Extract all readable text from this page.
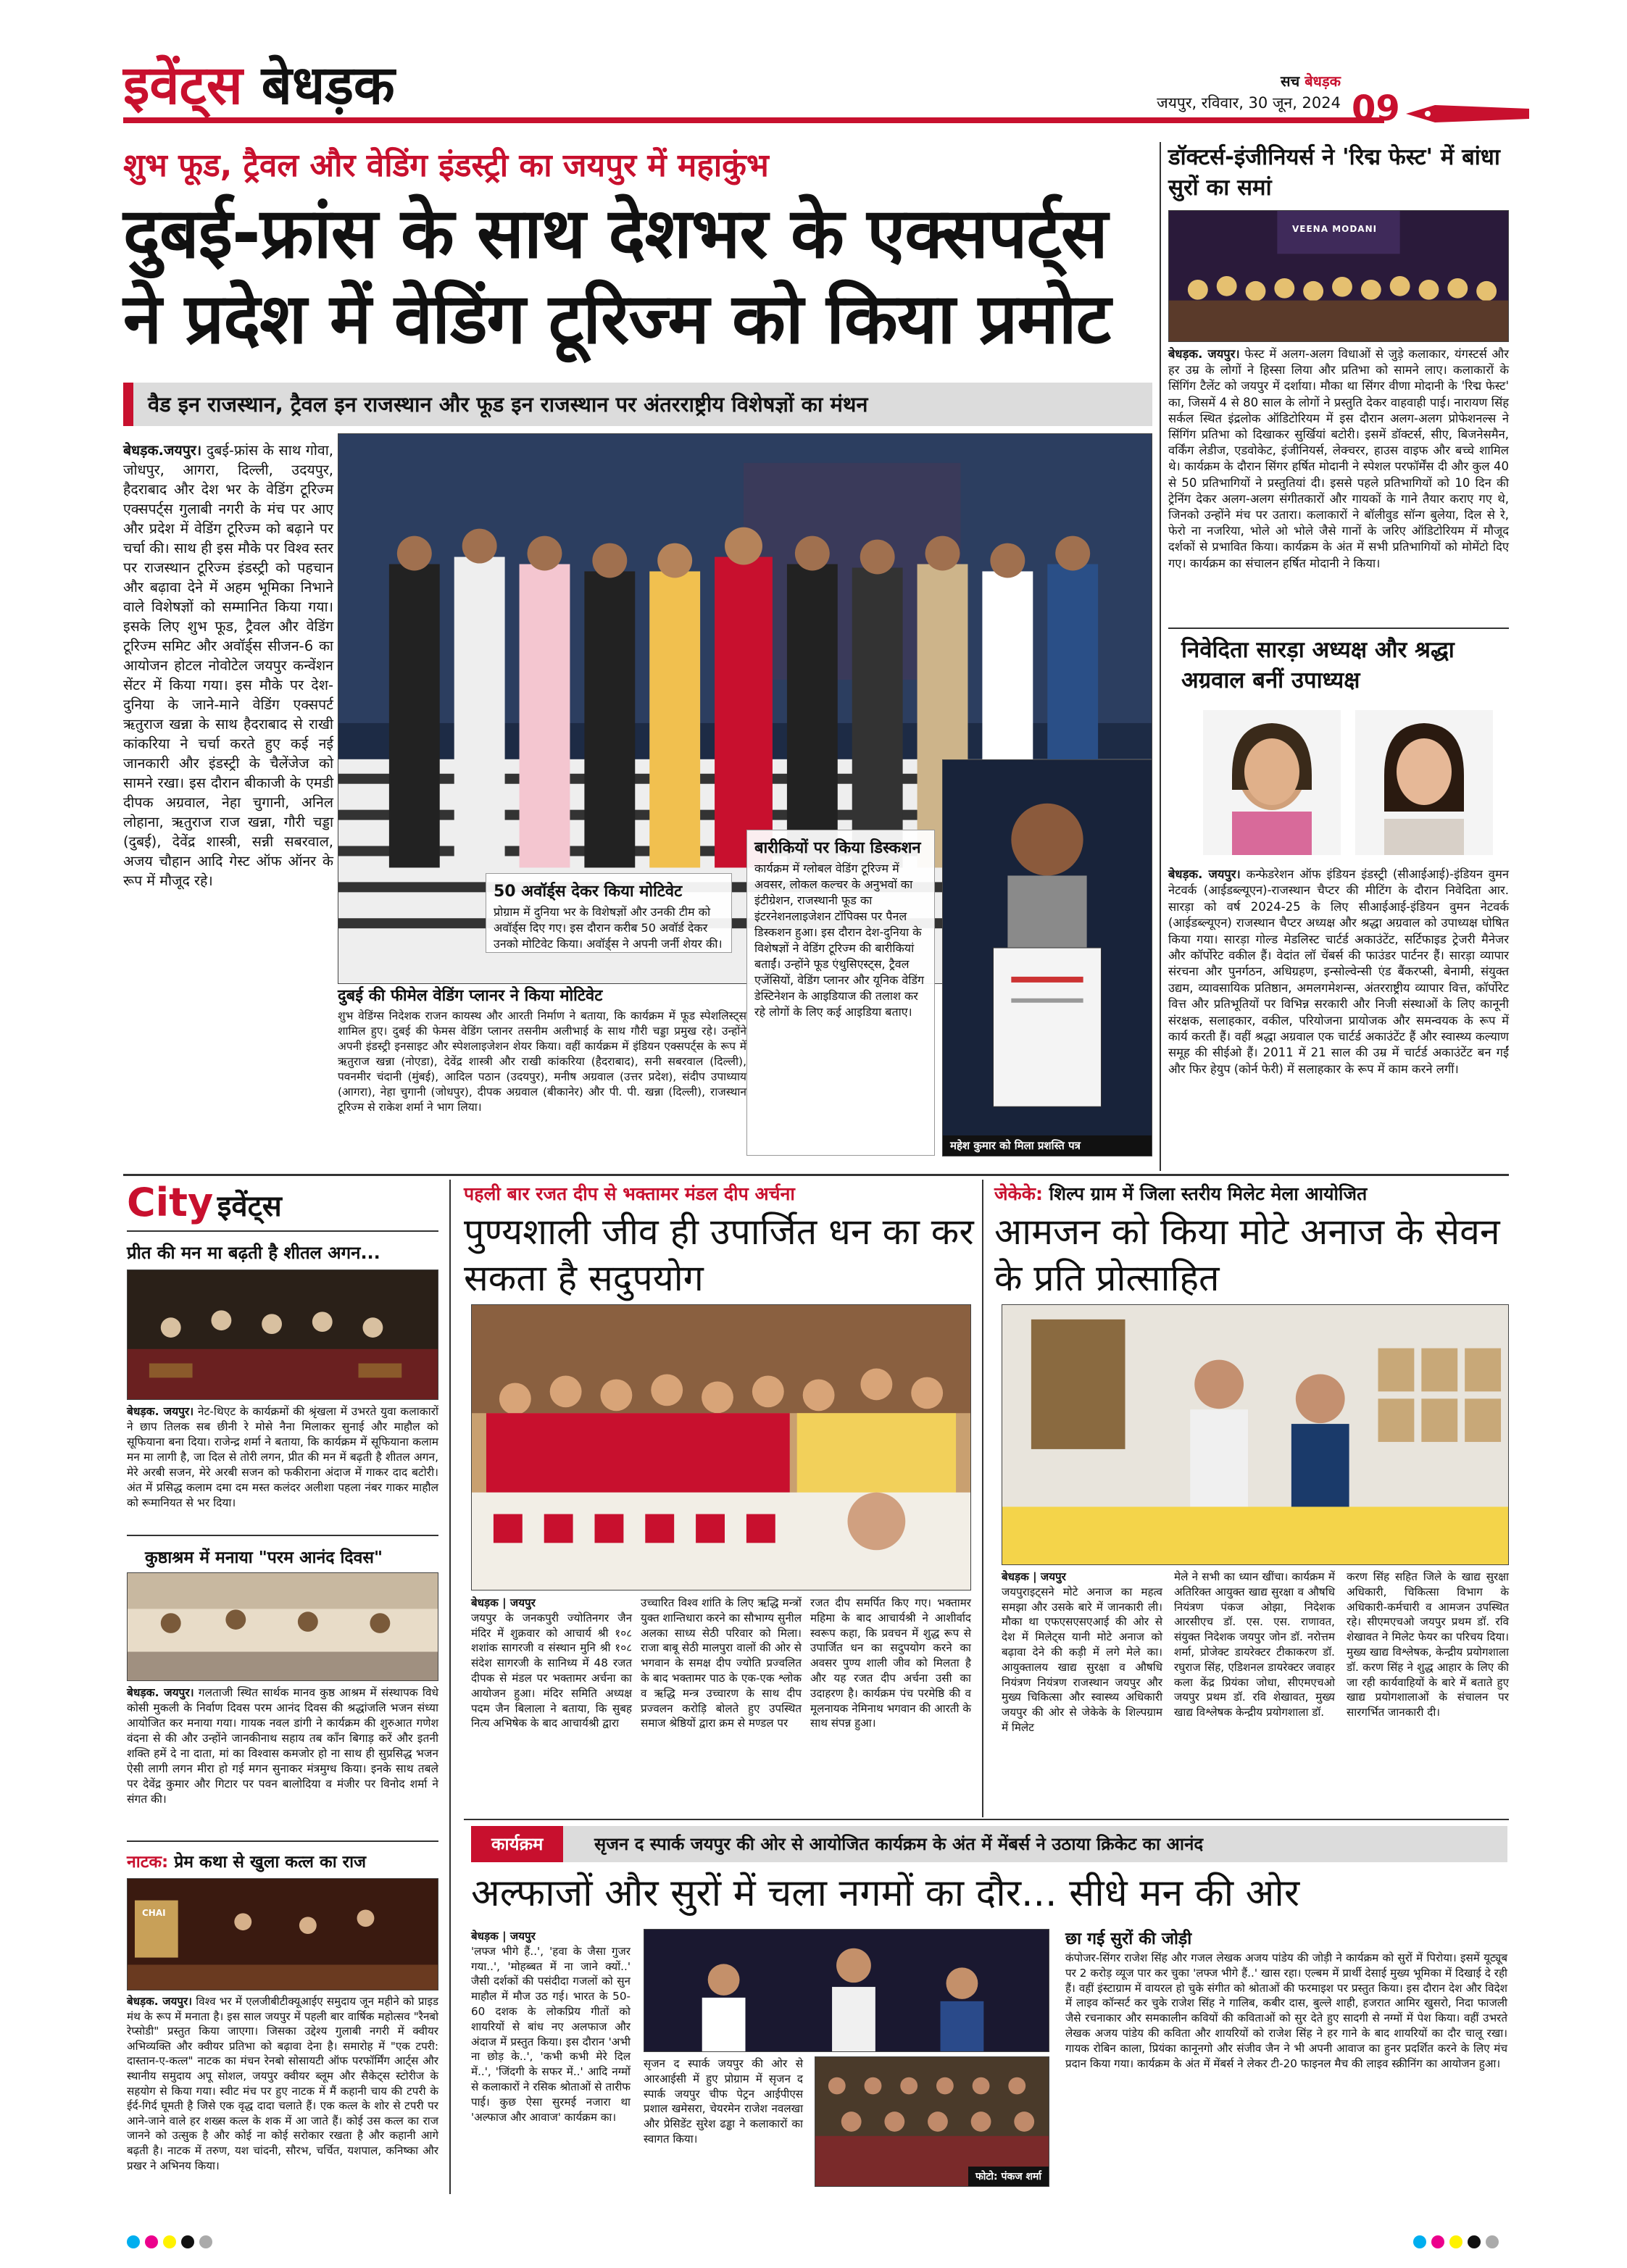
इवेंट्स बेधड़क	सच बेधड़क
जयपुर, रविवार, 30 जून, 2024 09
शुभ फूड, ट्रैवल और वेडिंग इंडस्ट्री का जयपुर में महाकुंभ
दुबई-फ्रांस के साथ देशभर के एक्सपर्ट्स
ने प्रदेश में वेडिंग टूरिज्म को किया प्रमोट
वैड इन राजस्थान, ट्रैवल इन राजस्थान और फूड इन राजस्थान पर अंतरराष्ट्रीय विशेषज्ञों का मंथन
बेधड़क.जयपुर। दुबई-फ्रांस के साथ गोवा, जोधपुर, आगरा, दिल्ली, उदयपुर, हैदराबाद और देश भर के वेडिंग टूरिज्म एक्सपर्ट्स गुलाबी नगरी के मंच पर आए और प्रदेश में वेडिंग टूरिज्म को बढ़ाने पर चर्चा की। साथ ही इस मौके पर विश्व स्तर पर राजस्थान टूरिज्म इंडस्ट्री को पहचान और बढ़ावा देने में अहम भूमिका निभाने वाले विशेषज्ञों को सम्मानित किया गया। इसके लिए शुभ फूड, ट्रैवल और वेडिंग टूरिज्म समिट और अवॉर्ड्स सीजन-6 का आयोजन होटल नोवोटेल जयपुर कन्वेंशन सेंटर में किया गया। इस मौके पर देश-दुनिया के जाने-माने वेडिंग एक्सपर्ट ऋतुराज खन्ना के साथ हैदराबाद से राखी कांकरिया ने चर्चा करते हुए कई नई जानकारी और इंडस्ट्री के चैलेंजेज को सामने रखा। इस दौरान बीकाजी के एमडी दीपक अग्रवाल, नेहा चुगानी, अनिल लोहाना, ऋतुराज राज खन्ना, गौरी चड्डा (दुबई), देवेंद्र शास्त्री, सन्नी सबरवाल, अजय चौहान आदि गेस्ट ऑफ ऑनर के रूप में मौजूद रहे।
50 अवॉर्ड्स देकर किया मोटिवेट
प्रोग्राम में दुनिया भर के विशेषज्ञों और उनकी टीम को अवॉर्ड्स दिए गए। इस दौरान करीब 50 अवॉर्ड देकर उनको मोटिवेट किया। अवॉर्ड्स ने अपनी जर्नी शेयर की।
बारीकियों पर किया डिस्कशन
कार्यक्रम में ग्लोबल वेडिंग टूरिज्म में अवसर, लोकल कल्चर के अनुभवों का इंटीग्रेशन, राजस्थानी फूड का इंटरनेशनलाइजेशन टॉपिक्स पर पैनल डिस्कशन हुआ। इस दौरान देश-दुनिया के विशेषज्ञों ने वेडिंग टूरिज्म की बारीकियां बताईं। उन्होंने फूड एंथुसिएस्ट्स, ट्रैवल एजेंसियों, वेडिंग प्लानर और यूनिक वेडिंग डेस्टिनेशन के आइडियाज की तलाश कर रहे लोगों के लिए कई आइडिया बताए।
महेश कुमार को मिला प्रशस्ति पत्र
दुबई की फीमेल वेडिंग प्लानर ने किया मोटिवेट
शुभ वेडिंग्स निदेशक राजन कायस्थ और आरती निर्माण ने बताया, कि कार्यक्रम में फूड स्पेशलिस्ट्स शामिल हुए। दुबई की फेमस वेडिंग प्लानर तसनीम अलीभाई के साथ गौरी चड्डा प्रमुख रहे। उन्होंने अपनी इंडस्ट्री इनसाइट और स्पेशलाइजेशन शेयर किया। वहीं कार्यक्रम में इंडियन एक्सपर्ट्स के रूप में ऋतुराज खन्ना (नोएडा), देवेंद्र शास्त्री और राखी कांकरिया (हैदराबाद), सनी सबरवाल (दिल्ली), पवनमीर चंदानी (मुंबई), आदिल पठान (उदयपुर), मनीष अग्रवाल (उत्तर प्रदेश), संदीप उपाध्याय (आगरा), नेहा चुगानी (जोधपुर), दीपक अग्रवाल (बीकानेर) और पी. पी. खन्ना (दिल्ली), राजस्थान टूरिज्म से राकेश शर्मा ने भाग लिया।
डॉक्टर्स-इंजीनियर्स ने 'रिद्म फेस्ट' में बांधा सुरों का समां
VEENA MODANI
बेधड़क. जयपुर। फेस्ट में अलग-अलग विधाओं से जुड़े कलाकार, यंगस्टर्स और हर उम्र के लोगों ने हिस्सा लिया और प्रतिभा को सामने लाए। कलाकारों के सिंगिंग टैलेंट को जयपुर में दर्शाया। मौका था सिंगर वीणा मोदानी के 'रिद्म फेस्ट' का, जिसमें 4 से 80 साल के लोगों ने प्रस्तुति देकर वाहवाही पाई। नारायण सिंह सर्कल स्थित इंद्रलोक ऑडिटोरियम में इस दौरान अलग-अलग प्रोफेशनल्स ने सिंगिंग प्रतिभा को दिखाकर सुर्खियां बटोरी। इसमें डॉक्टर्स, सीए, बिजनेसमैन, वर्किंग लेडीज, एडवोकेट, इंजीनियर्स, लेक्चरर, हाउस वाइफ और बच्चे शामिल थे। कार्यक्रम के दौरान सिंगर हर्षित मोदानी ने स्पेशल परफॉर्मेंस दी और कुल 40 से 50 प्रतिभागियों ने प्रस्तुतियां दी। इससे पहले प्रतिभागियों को 10 दिन की ट्रेनिंग देकर अलग-अलग संगीतकारों और गायकों के गाने तैयार कराए गए थे, जिनको उन्होंने मंच पर उतारा। कलाकारों ने बॉलीवुड सॉन्ग बुलेया, दिल से रे, फेरो ना नजरिया, भोले ओ भोले जैसे गानों के जरिए ऑडिटोरियम में मौजूद दर्शकों से प्रभावित किया। कार्यक्रम के अंत में सभी प्रतिभागियों को मोमेंटो दिए गए। कार्यक्रम का संचालन हर्षित मोदानी ने किया।
निवेदिता सारड़ा अध्यक्ष और श्रद्धा अग्रवाल बनीं उपाध्यक्ष
बेधड़क. जयपुर। कन्फेडरेशन ऑफ इंडियन इंडस्ट्री (सीआईआई)-इंडियन वुमन नेटवर्क (आईडब्ल्यूएन)-राजस्थान चैप्टर की मीटिंग के दौरान निवेदिता आर. सारड़ा को वर्ष 2024-25 के लिए सीआईआई-इंडियन वुमन नेटवर्क (आईडब्ल्यूएन) राजस्थान चैप्टर अध्यक्ष और श्रद्धा अग्रवाल को उपाध्यक्ष घोषित किया गया। सारड़ा गोल्ड मेडलिस्ट चार्टर्ड अकाउंटेंट, सर्टिफाइड ट्रेजरी मैनेजर और कॉर्पोरेट वकील हैं। वेदांत लॉ चेंबर्स की फाउंडर पार्टनर हैं। सारड़ा व्यापार संरचना और पुनर्गठन, अधिग्रहण, इन्सोल्वेन्सी एंड बैंकरप्सी, बेनामी, संयुक्त उद्यम, व्यावसायिक प्रतिष्ठान, अमलगमेशन्स, अंतरराष्ट्रीय व्यापार वित्त, कॉर्पोरेट वित्त और प्रतिभूतियों पर विभिन्न सरकारी और निजी संस्थाओं के लिए कानूनी संरक्षक, सलाहकार, वकील, परियोजना प्रायोजक और समन्वयक के रूप में कार्य करती हैं। वहीं श्रद्धा अग्रवाल एक चार्टर्ड अकाउंटेंट हैं और स्वास्थ्य कल्याण समूह की सीईओ हैं। 2011 में 21 साल की उम्र में चार्टर्ड अकाउंटेंट बन गईं और फिर हेयुप (कोर्न फेरी) में सलाहकार के रूप में काम करने लगीं।
City इवेंट्स
प्रीत की मन मा बढ़ती है शीतल अगन...
बेधड़क. जयपुर। नेट-थिएट के कार्यक्रमों की श्रृंखला में उभरते युवा कलाकारों ने छाप तिलक सब छीनी रे मोसे नैना मिलाकर सुनाई और माहौल को सूफियाना बना दिया। राजेन्द्र शर्मा ने बताया, कि कार्यक्रम में सूफियाना कलाम मन मा लागी है, जा दिल से तोरी लगन, प्रीत की मन में बढ़ती है शीतल अगन, मेरे अरबी सजन, मेरे अरबी सजन को फकीराना अंदाज में गाकर दाद बटोरी। अंत में प्रसिद्ध कलाम दमा दम मस्त कलंदर अलीशा पहला नंबर गाकर माहौल को रूमानियत से भर दिया।
कुष्ठाश्रम में मनाया "परम आनंद दिवस"
बेधड़क. जयपुर। गलताजी स्थित सार्थक मानव कुष्ठ आश्रम में संस्थापक विधे कोसी मुकली के निर्वाण दिवस परम आनंद दिवस की श्रद्धांजलि भजन संध्या आयोजित कर मनाया गया। गायक नवल डांगी ने कार्यक्रम की शुरुआत गणेश वंदना से की और उन्होंने जानकीनाथ सहाय तब काँन बिगाड़ करें और इतनी शक्ति हमें दे ना दाता, मां का विश्वास कमजोर हो ना साथ ही सुप्रसिद्ध भजन ऐसी लागी लगन मीरा हो गई मगन सुनाकर मंत्रमुग्ध किया। इनके साथ तबले पर देवेंद्र कुमार और गिटार पर पवन बालोदिया व मंजीर पर विनोद शर्मा ने संगत की।
नाटक: प्रेम कथा से खुला कत्ल का राज
CHAI
बेधड़क. जयपुर। विश्व भर में एलजीबीटीक्यूआईए समुदाय जून महीने को प्राइड मंथ के रूप में मनाता है। इस साल जयपुर में पहली बार वार्षिक महोत्सव "रैनबो रेप्सोडी" प्रस्तुत किया जाएगा। जिसका उद्देश्य गुलाबी नगरी में क्वीयर अभिव्यक्ति और क्वीयर प्रतिभा को बढ़ावा देना है। समारोह में "एक टपरी: दास्तान-ए-कत्ल" नाटक का मंचन रेनबो सोसायटी ऑफ परफॉर्मिंग आर्ट्स और स्थानीय समुदाय अपू सोशल, जयपुर क्वीयर ब्लूम और सैकेट्स स्टोरीज के सहयोग से किया गया। स्वीट मंच पर हुए नाटक में मैं कहानी चाय की टपरी के ईर्द-गिर्द घूमती है जिसे एक वृद्ध दादा चलाते हैं। एक कत्ल के शोर से टपरी पर आने-जाने वाले हर शख्स कत्ल के शक में आ जाते हैं। कोई उस कत्ल का राज जानने को उत्सुक है और कोई ना कोई सरोकार रखता है और कहानी आगे बढ़ती है। नाटक में तरुण, यश चांदनी, सौरभ, चर्चित, यशपाल, कनिष्का और प्रखर ने अभिनय किया।
पहली बार रजत दीप से भक्तामर मंडल दीप अर्चना
पुण्यशाली जीव ही उपार्जित धन का कर सकता है सदुपयोग
बेधड़क | जयपुर
जयपुर के जनकपुरी ज्योतिनगर जैन मंदिर में शुक्रवार को आचार्य श्री १०८ शशांक सागरजी व संस्थान मुनि श्री १०८ संदेश सागरजी के सानिध्य में 48 रजत दीपक से मंडल पर भक्तामर अर्चना का आयोजन हुआ। मंदिर समिति अध्यक्ष पदम जैन बिलाला ने बताया, कि सुबह नित्य अभिषेक के बाद आचार्यश्री द्वारा
उच्चारित विश्व शांति के लिए ऋद्धि मन्त्रों युक्त शान्तिधारा करने का सौभाग्य सुनील अलका साध्य सेठी परिवार को मिला। राजा बाबू सेठी मालपुरा वालों की ओर से भगवान के समक्ष दीप ज्योति प्रज्वलित के बाद भक्तामर पाठ के एक-एक श्लोक व ऋद्धि मन्त्र उच्चारण के साथ दीप प्रज्वलन करोड़ि बोलते हुए उपस्थित समाज श्रेष्ठियों द्वारा क्रम से मण्डल पर
रजत दीप समर्पित किए गए। भक्तामर महिमा के बाद आचार्यश्री ने आशीर्वाद स्वरूप कहा, कि प्रवचन में शुद्ध रूप से उपार्जित धन का सदुपयोग करने का अवसर पुण्य शाली जीव को मिलता है और यह रजत दीप अर्चना उसी का उदाहरण है। कार्यक्रम पंच परमेष्ठि की व मूलनायक नेमिनाथ भगवान की आरती के साथ संपन्न हुआ।
जेकेके: शिल्प ग्राम में जिला स्तरीय मिलेट मेला आयोजित
आमजन को किया मोटे अनाज के सेवन के प्रति प्रोत्साहित
बेधड़क | जयपुर
जयपुराइट्सने मोटे अनाज का महत्व समझा और उसके बारे में जानकारी ली। मौका था एफएसएसएआई की ओर से देश में मिलेट्स यानी मोटे अनाज को बढ़ावा देने की कड़ी में लगे मेले का। आयुक्तालय खाद्य सुरक्षा व औषधि नियंत्रण नियंत्रण राजस्थान जयपुर और मुख्य चिकित्सा और स्वास्थ्य अधिकारी जयपुर की ओर से जेकेके के शिल्पग्राम में मिलेट
मेले ने सभी का ध्यान खींचा। कार्यक्रम में अतिरिक्त आयुक्त खाद्य सुरक्षा व औषधि नियंत्रण पंकज ओझा, निदेशक आरसीएच डॉ. एस. एस. राणावत, संयुक्त निदेशक जयपुर जोन डॉ. नरोत्तम शर्मा, प्रोजेक्ट डायरेक्टर टीकाकरण डॉ. रघुराज सिंह, एडिशनल डायरेक्टर जवाहर कला केंद्र प्रियंका जोधा, सीएमएचओ जयपुर प्रथम डॉ. रवि शेखावत, मुख्य खाद्य विश्लेषक केन्द्रीय प्रयोगशाला डॉ.
करण सिंह सहित जिले के खाद्य सुरक्षा अधिकारी, चिकित्सा विभाग के अधिकारी-कर्मचारी व आमजन उपस्थित रहे। सीएमएचओ जयपुर प्रथम डॉ. रवि शेखावत ने मिलेट फेयर का परिचय दिया। मुख्य खाद्य विश्लेषक, केन्द्रीय प्रयोगशाला डॉ. करण सिंह ने शुद्ध आहार के लिए की जा रही कार्यवाहियों के बारे में बताते हुए खाद्य प्रयोगशालाओं के संचालन पर सारगर्भित जानकारी दी।
कार्यक्रम	सृजन द स्पार्क जयपुर की ओर से आयोजित कार्यक्रम के अंत में मेंबर्स ने उठाया क्रिकेट का आनंद
अल्फाजों और सुरों में चला नगमों का दौर... सीधे मन की ओर
बेधड़क | जयपुर
'लफ्ज भीगे हैं..', 'हवा के जैसा गुजर गया..', 'मोहब्बत में ना जाने क्यों..' जैसी दर्शकों की पसंदीदा गजलों को सुन माहौल में मौज उठ गई। भारत के 50-60 दशक के लोकप्रिय गीतों को शायरियों से बांध नए अलफाज और अंदाज में प्रस्तुत किया। इस दौरान 'अभी ना छोड़ के..', 'कभी कभी मेरे दिल में..', 'जिंदगी के सफर में..' आदि नग्मों से कलाकारों ने रसिक श्रोताओं से तारीफ पाई। कुछ ऐसा सुरमई नजारा था 'अल्फाज और आवाज' कार्यक्रम का।
सृजन द स्पार्क जयपुर की ओर से आरआईसी में हुए प्रोग्राम में सृजन द स्पार्क जयपुर चीफ पेट्रन आईपीएस प्रशाल खमेसरा, चेयरमेन राजेश नवलखा और प्रेसिडेंट सुरेश ढड्ढा ने कलाकारों का स्वागत किया।
फोटो: पंकज शर्मा
छा गई सुरों की जोड़ी
कंपोजर-सिंगर राजेश सिंह और गजल लेखक अजय पांडेय की जोड़ी ने कार्यक्रम को सुरों में पिरोया। इसमें यूट्यूब पर 2 करोड़ व्यूज पार कर चुका 'लफ्ज भीगे हैं..' खास रहा। एल्बम में प्रार्थी देसाई मुख्य भूमिका में दिखाई दे रही हैं। वहीं इंस्टाग्राम में वायरल हो चुके संगीत को श्रोताओं की फरमाइश पर प्रस्तुत किया। इस दौरान देश और विदेश में लाइव कॉन्सर्ट कर चुके राजेश सिंह ने गालिब, कबीर दास, बुल्ले शाही, हजरात आमिर खुसरो, निदा फाजली जैसे रचनाकार और समकालीन कवियों की कविताओं को सुर देते हुए सादगी से नग्मों में पेश किया। वहीं उभरते लेखक अजय पांडेय की कविता और शायरियों को राजेश सिंह ने हर गाने के बाद शायरियों का दौर चालू रखा। गायक रोबिन काला, प्रियंका कानूनगो और संजीव जैन ने भी अपनी आवाज का हुनर प्रदर्शित करने के लिए मंच प्रदान किया गया। कार्यक्रम के अंत में मेंबर्स ने लेकर टी-20 फाइनल मैच की लाइव स्क्रीनिंग का आयोजन हुआ।
